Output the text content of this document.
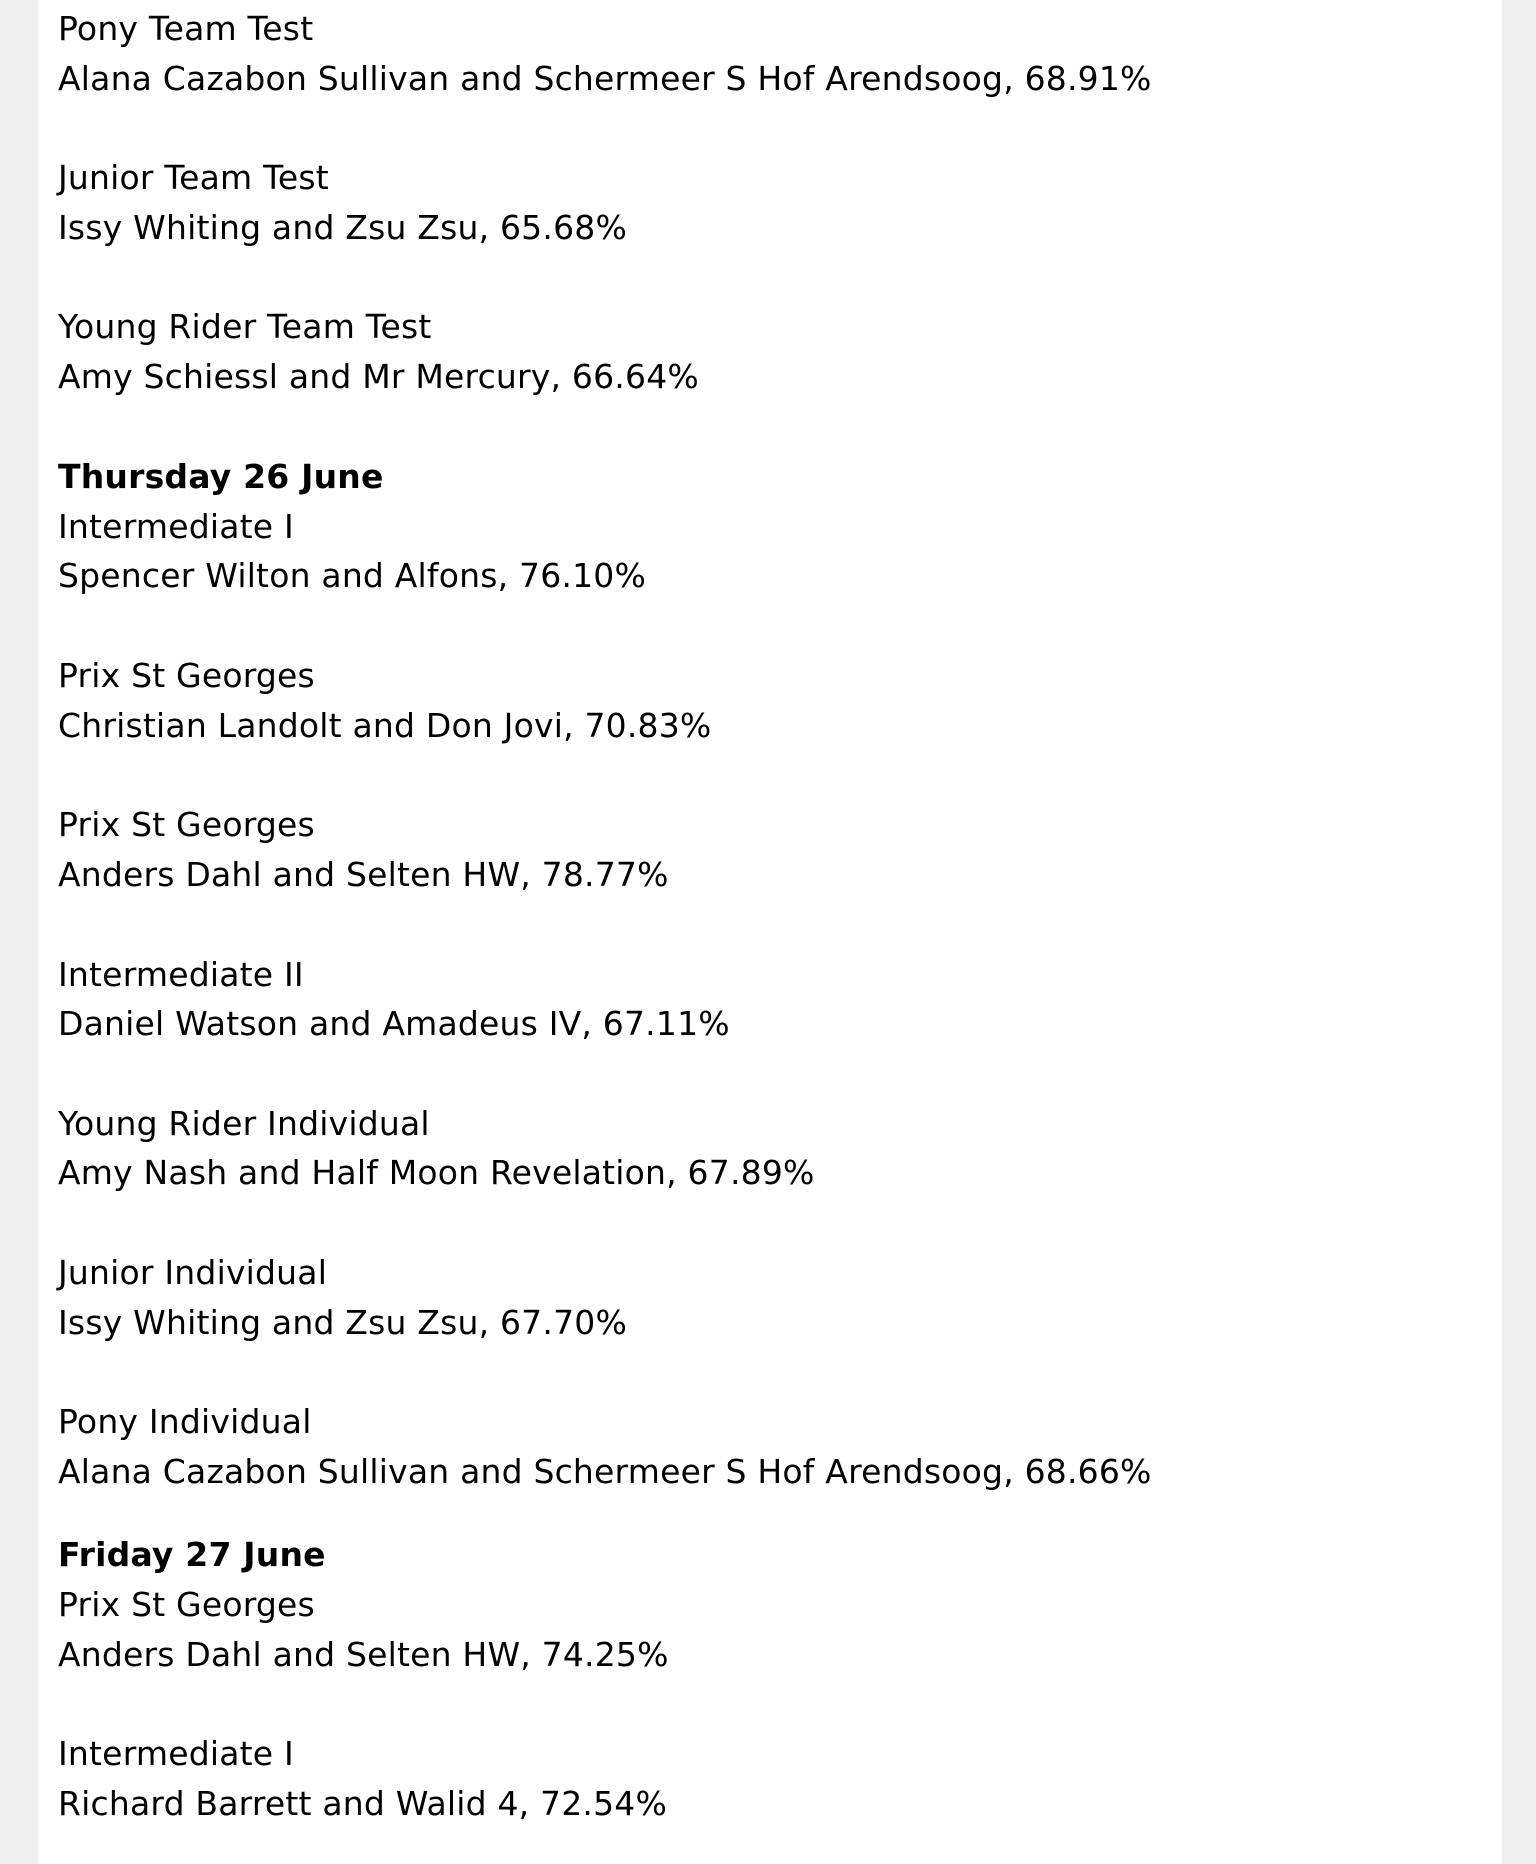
Pony Team Test
Alana Cazabon Sullivan and Schermeer S Hof Arendsoog, 68.91%
Junior Team Test
Issy Whiting and Zsu Zsu, 65.68%
Young Rider Team Test
Amy Schiessl and Mr Mercury, 66.64%
Thursday 26 June
Intermediate I
Spencer Wilton and Alfons, 76.10%
Prix St Georges
Christian Landolt and Don Jovi, 70.83%
Prix St Georges
Anders Dahl and Selten HW, 78.77%
Intermediate II
Daniel Watson and Amadeus IV, 67.11%
Young Rider Individual
Amy Nash and Half Moon Revelation, 67.89%
Junior Individual
Issy Whiting and Zsu Zsu, 67.70%
Pony Individual
Alana Cazabon Sullivan and Schermeer S Hof Arendsoog, 68.66%
Friday 27 June
Prix St Georges
Anders Dahl and Selten HW, 74.25%
Intermediate I
Richard Barrett and Walid 4, 72.54%
